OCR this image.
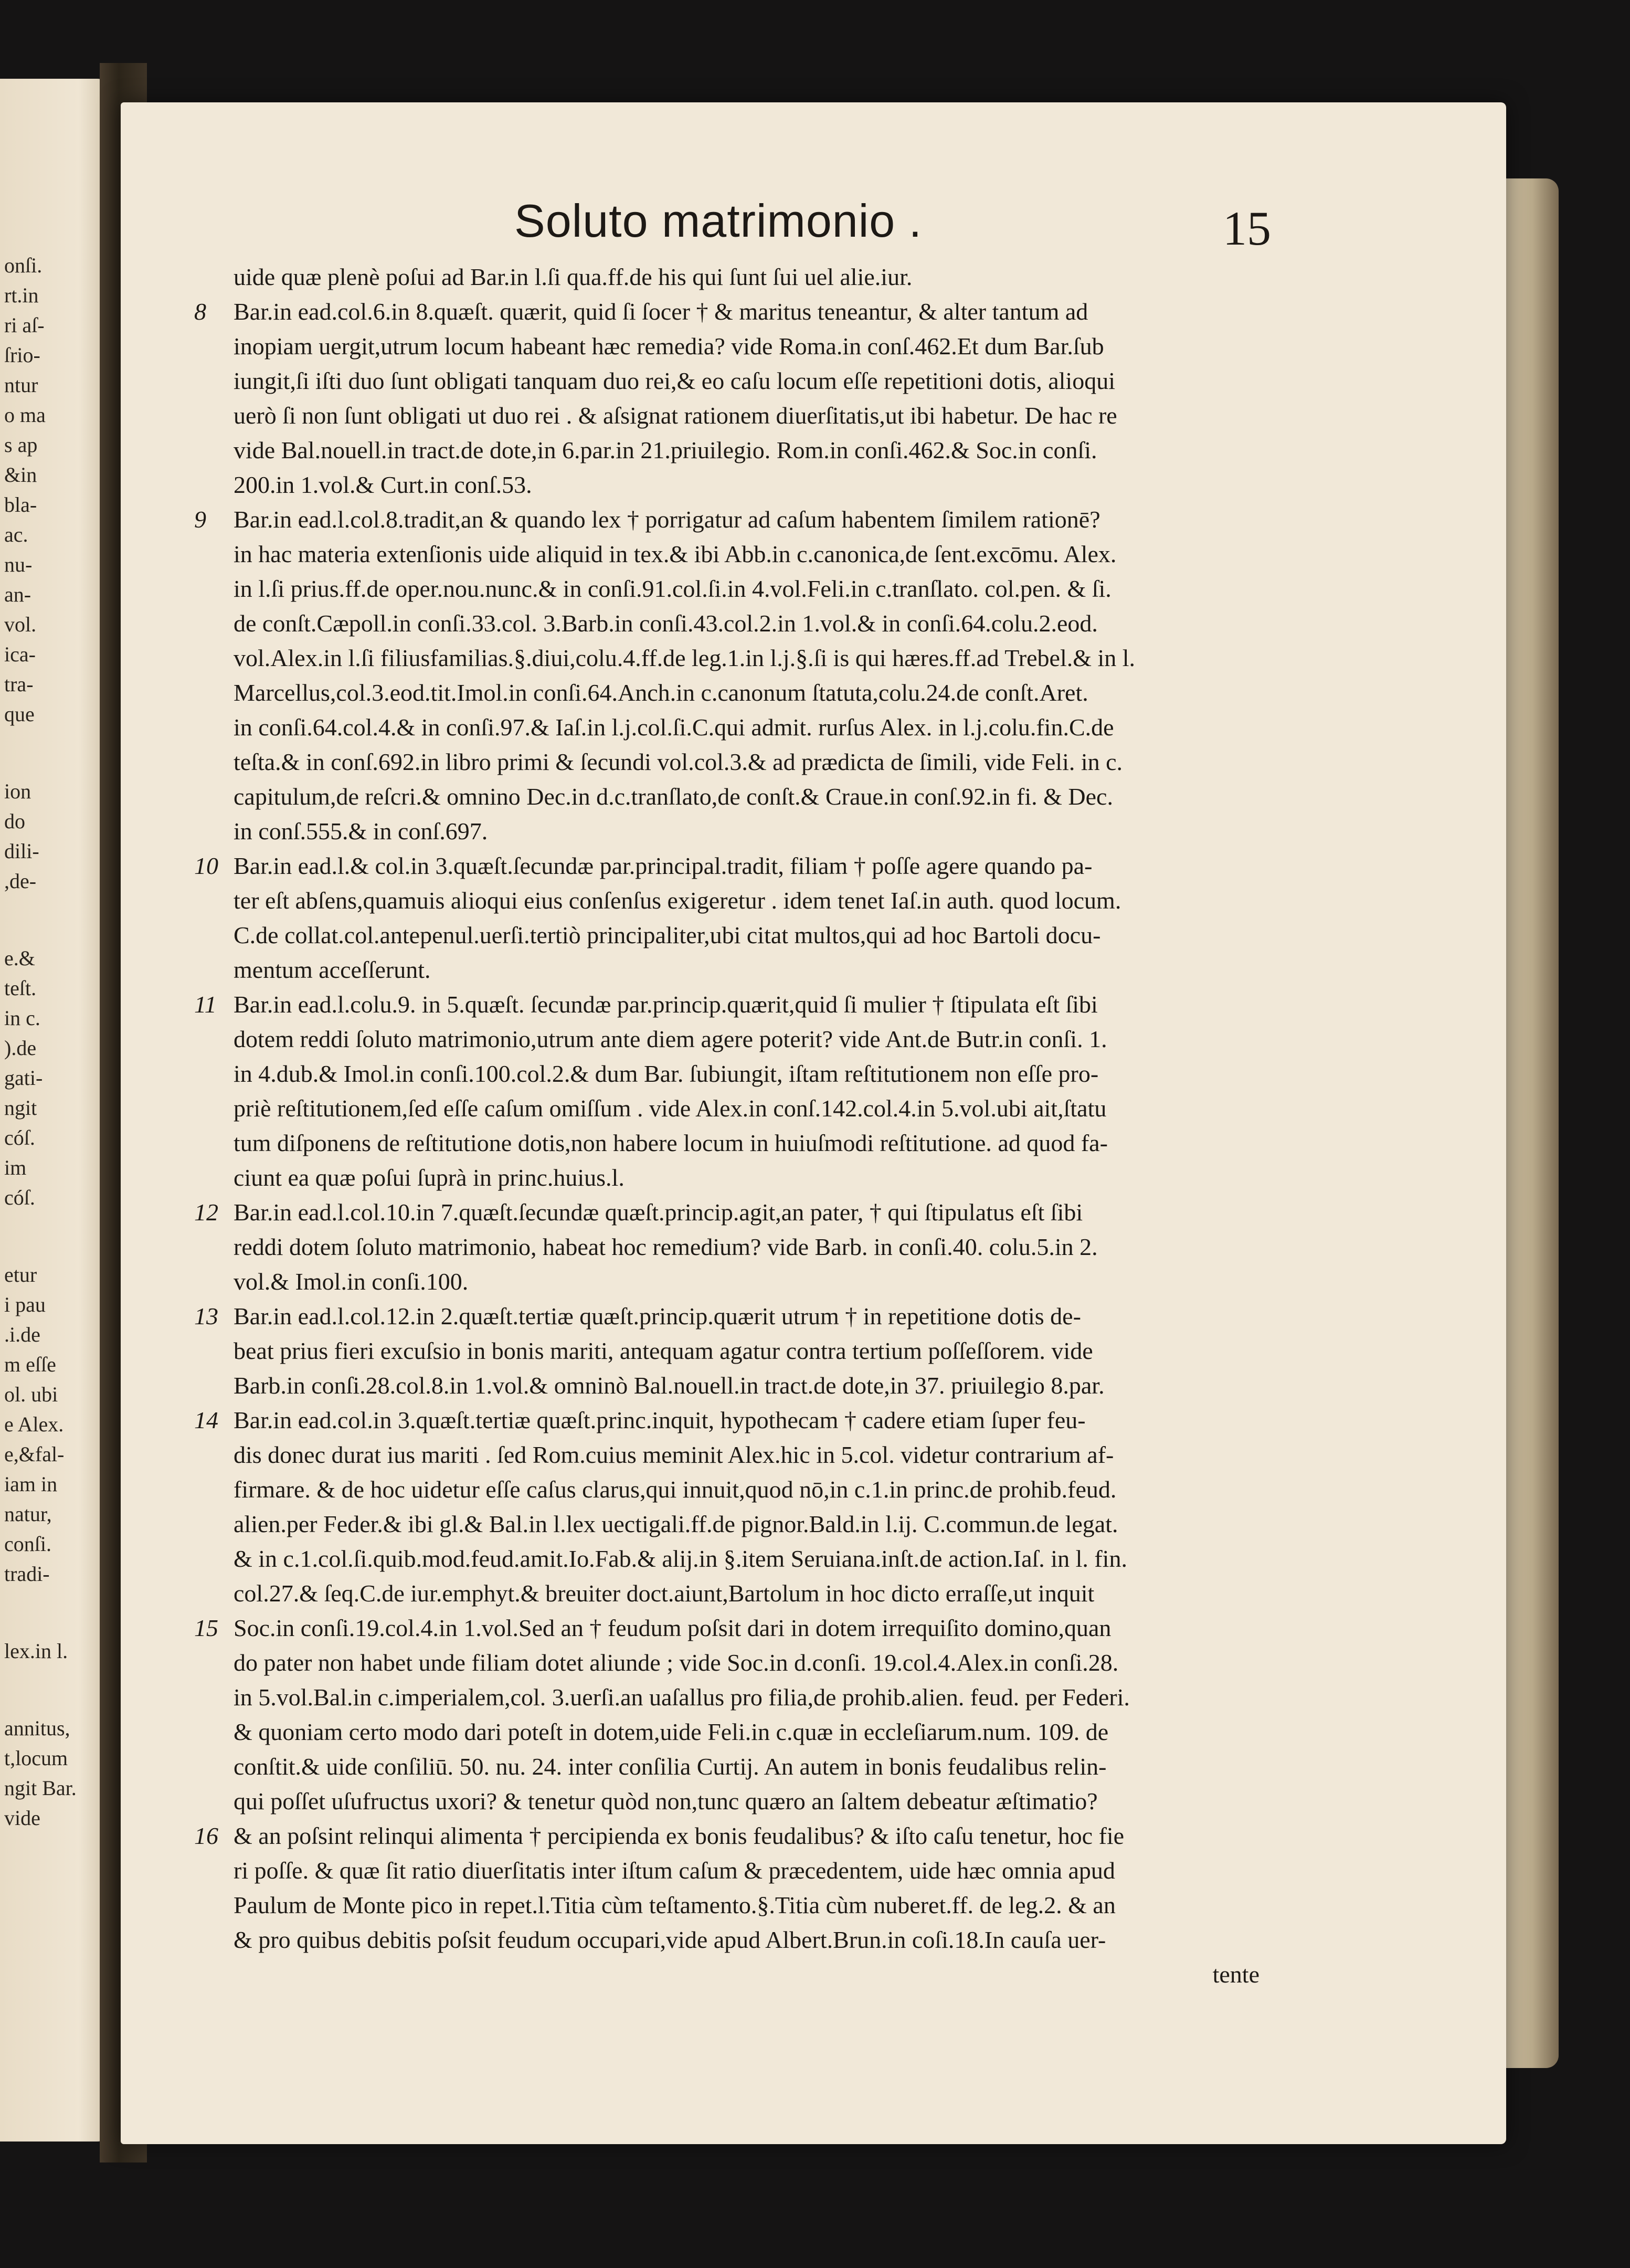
onſi.
rt.in
ri aſ-
ſrio-
ntur
o ma
s ap
&in
bla-
ac.
nu-
an-
vol.
ica-
tra-
que
ion
do
dili-
,de-
e.&
teſt.
in c.
).de
gati-
ngit
cóſ.
im
cóſ.
etur
i pau
.i.de
m eſſe
ol. ubi
e Alex.
e,&fal-
iam in
natur,
conſi.
tradi-
lex.in l.
annitus,
t,locum
ngit Bar.
vide
Soluto matrimonio .	15
uide quæ plenè poſui ad Bar.in l.ſi qua.ff.de his qui ſunt ſui uel alie.iur.
8	Bar.in ead.col.6.in 8.quæſt. quærit, quid ſi ſocer † & maritus teneantur, & alter tantum ad
inopiam uergit,utrum locum habeant hæc remedia? vide Roma.in conſ.462.Et dum Bar.ſub
iungit,ſi iſti duo ſunt obligati tanquam duo rei,& eo caſu locum eſſe repetitioni dotis, alioqui
uerò ſi non ſunt obligati ut duo rei . & aſsignat rationem diuerſitatis,ut ibi habetur. De hac re
vide Bal.nouell.in tract.de dote,in 6.par.in 21.priuilegio. Rom.in conſi.462.& Soc.in conſi.
200.in 1.vol.& Curt.in conſ.53.
9	Bar.in ead.l.col.8.tradit,an & quando lex † porrigatur ad caſum habentem ſimilem rationē?
in hac materia extenſionis uide aliquid in tex.& ibi Abb.in c.canonica,de ſent.excōmu. Alex.
in l.ſi prius.ff.de oper.nou.nunc.& in conſi.91.col.ſi.in 4.vol.Feli.in c.tranſlato. col.pen. & ſi.
de conſt.Cæpoll.in conſi.33.col. 3.Barb.in conſi.43.col.2.in 1.vol.& in conſi.64.colu.2.eod.
vol.Alex.in l.ſi filiusfamilias.§.diui,colu.4.ff.de leg.1.in l.j.§.ſi is qui hæres.ff.ad Trebel.& in l.
Marcellus,col.3.eod.tit.Imol.in conſi.64.Anch.in c.canonum ſtatuta,colu.24.de conſt.Aret.
in conſi.64.col.4.& in conſi.97.& Iaſ.in l.j.col.ſi.C.qui admit. rurſus Alex. in l.j.colu.fin.C.de
teſta.& in conſ.692.in libro primi & ſecundi vol.col.3.& ad prædicta de ſimili, vide Feli. in c.
capitulum,de reſcri.& omnino Dec.in d.c.tranſlato,de conſt.& Craue.in conſ.92.in fi. & Dec.
in conſ.555.& in conſ.697.
10 Bar.in ead.l.& col.in 3.quæſt.ſecundæ par.principal.tradit, filiam † poſſe agere quando pa-
ter eſt abſens,quamuis alioqui eius conſenſus exigeretur . idem tenet Iaſ.in auth. quod locum.
C.de collat.col.antepenul.uerſi.tertiò principaliter,ubi citat multos,qui ad hoc Bartoli docu-
mentum acceſſerunt.
11 Bar.in ead.l.colu.9. in 5.quæſt. ſecundæ par.princip.quærit,quid ſi mulier † ſtipulata eſt ſibi
dotem reddi ſoluto matrimonio,utrum ante diem agere poterit? vide Ant.de Butr.in conſi. 1.
in 4.dub.& Imol.in conſi.100.col.2.& dum Bar. ſubiungit, iſtam reſtitutionem non eſſe pro-
priè reſtitutionem,ſed eſſe caſum omiſſum . vide Alex.in conſ.142.col.4.in 5.vol.ubi ait,ſtatu
tum diſponens de reſtitutione dotis,non habere locum in huiuſmodi reſtitutione. ad quod fa-
ciunt ea quæ poſui ſuprà in princ.huius.l.
12 Bar.in ead.l.col.10.in 7.quæſt.ſecundæ quæſt.princip.agit,an pater, † qui ſtipulatus eſt ſibi
reddi dotem ſoluto matrimonio, habeat hoc remedium? vide Barb. in conſi.40. colu.5.in 2.
vol.& Imol.in conſi.100.
13 Bar.in ead.l.col.12.in 2.quæſt.tertiæ quæſt.princip.quærit utrum † in repetitione dotis de-
beat prius fieri excuſsio in bonis mariti, antequam agatur contra tertium poſſeſſorem. vide
Barb.in conſi.28.col.8.in 1.vol.& omninò Bal.nouell.in tract.de dote,in 37. priuilegio 8.par.
14 Bar.in ead.col.in 3.quæſt.tertiæ quæſt.princ.inquit, hypothecam † cadere etiam ſuper feu-
dis donec durat ius mariti . ſed Rom.cuius meminit Alex.hic in 5.col. videtur contrarium af-
firmare. & de hoc uidetur eſſe caſus clarus,qui innuit,quod nō,in c.1.in princ.de prohib.feud.
alien.per Feder.& ibi gl.& Bal.in l.lex uectigali.ff.de pignor.Bald.in l.ij. C.commun.de legat.
& in c.1.col.ſi.quib.mod.feud.amit.Io.Fab.& alij.in §.item Seruiana.inſt.de action.Iaſ. in l. fin.
col.27.& ſeq.C.de iur.emphyt.& breuiter doct.aiunt,Bartolum in hoc dicto erraſſe,ut inquit
15 Soc.in conſi.19.col.4.in 1.vol.Sed an † feudum poſsit dari in dotem irrequiſito domino,quan
do pater non habet unde filiam dotet aliunde ; vide Soc.in d.conſi. 19.col.4.Alex.in conſi.28.
in 5.vol.Bal.in c.imperialem,col. 3.uerſi.an uaſallus pro filia,de prohib.alien. feud. per Federi.
& quoniam certo modo dari poteſt in dotem,uide Feli.in c.quæ in eccleſiarum.num. 109. de
conſtit.& uide conſiliū. 50. nu. 24. inter conſilia Curtij. An autem in bonis feudalibus relin-
qui poſſet uſufructus uxori? & tenetur quòd non,tunc quæro an ſaltem debeatur æſtimatio?
16 & an poſsint relinqui alimenta † percipienda ex bonis feudalibus? & iſto caſu tenetur, hoc fie
ri poſſe. & quæ ſit ratio diuerſitatis inter iſtum caſum & præcedentem, uide hæc omnia apud
Paulum de Monte pico in repet.l.Titia cùm teſtamento.§.Titia cùm nuberet.ff. de leg.2. & an
& pro quibus debitis poſsit feudum occupari,vide apud Albert.Brun.in coſi.18.In cauſa uer-
tente
